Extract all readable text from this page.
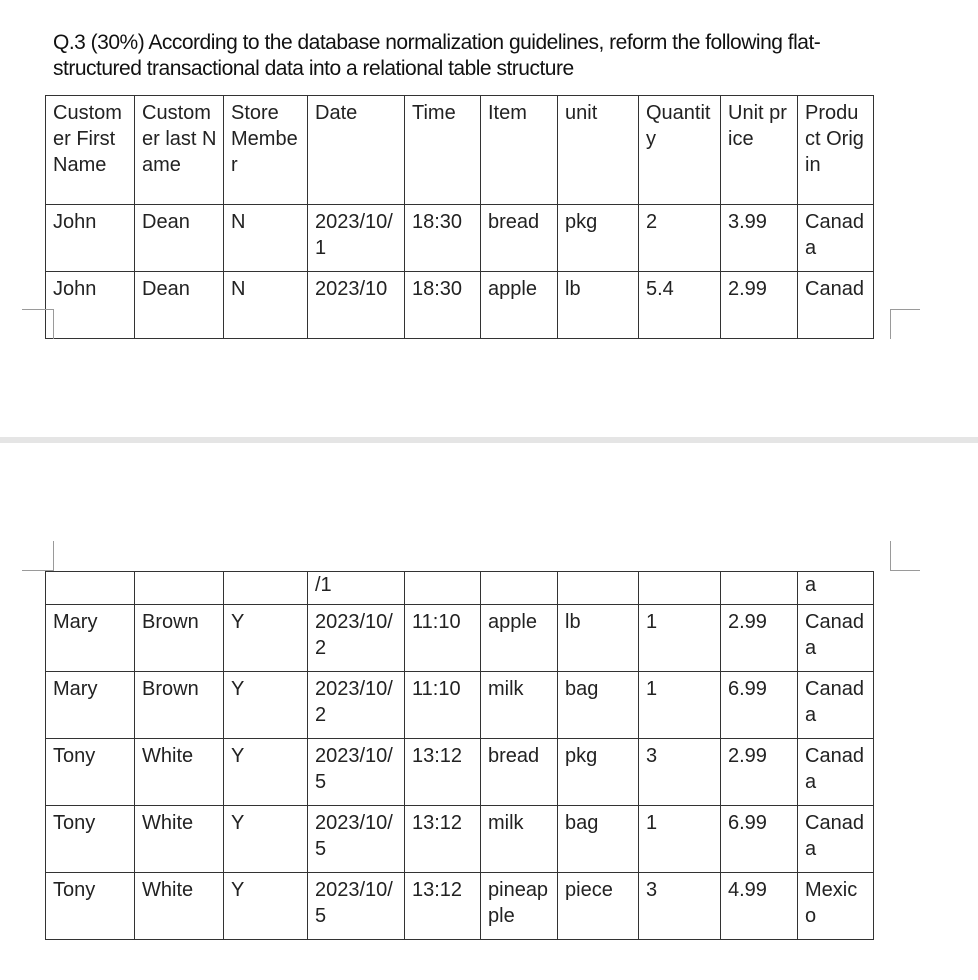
Q.3 (30%) According to the database normalization guidelines, reform the following flat-structured transactional data into a relational table structure

Customer First Name	Customer last Name	Store Member	Date	Time	Item	unit	Quantity	Unit price	Product Origin
John	Dean	N	2023/10/1	18:30	bread	pkg	2	3.99	Canada
John	Dean	N	2023/10	18:30	apple	lb	5.4	2.99	Canad
			/1						a
Mary	Brown	Y	2023/10/2	11:10	apple	lb	1	2.99	Canada
Mary	Brown	Y	2023/10/2	11:10	milk	bag	1	6.99	Canada
Tony	White	Y	2023/10/5	13:12	bread	pkg	3	2.99	Canada
Tony	White	Y	2023/10/5	13:12	milk	bag	1	6.99	Canada
Tony	White	Y	2023/10/5	13:12	pineapple	piece	3	4.99	Mexico
